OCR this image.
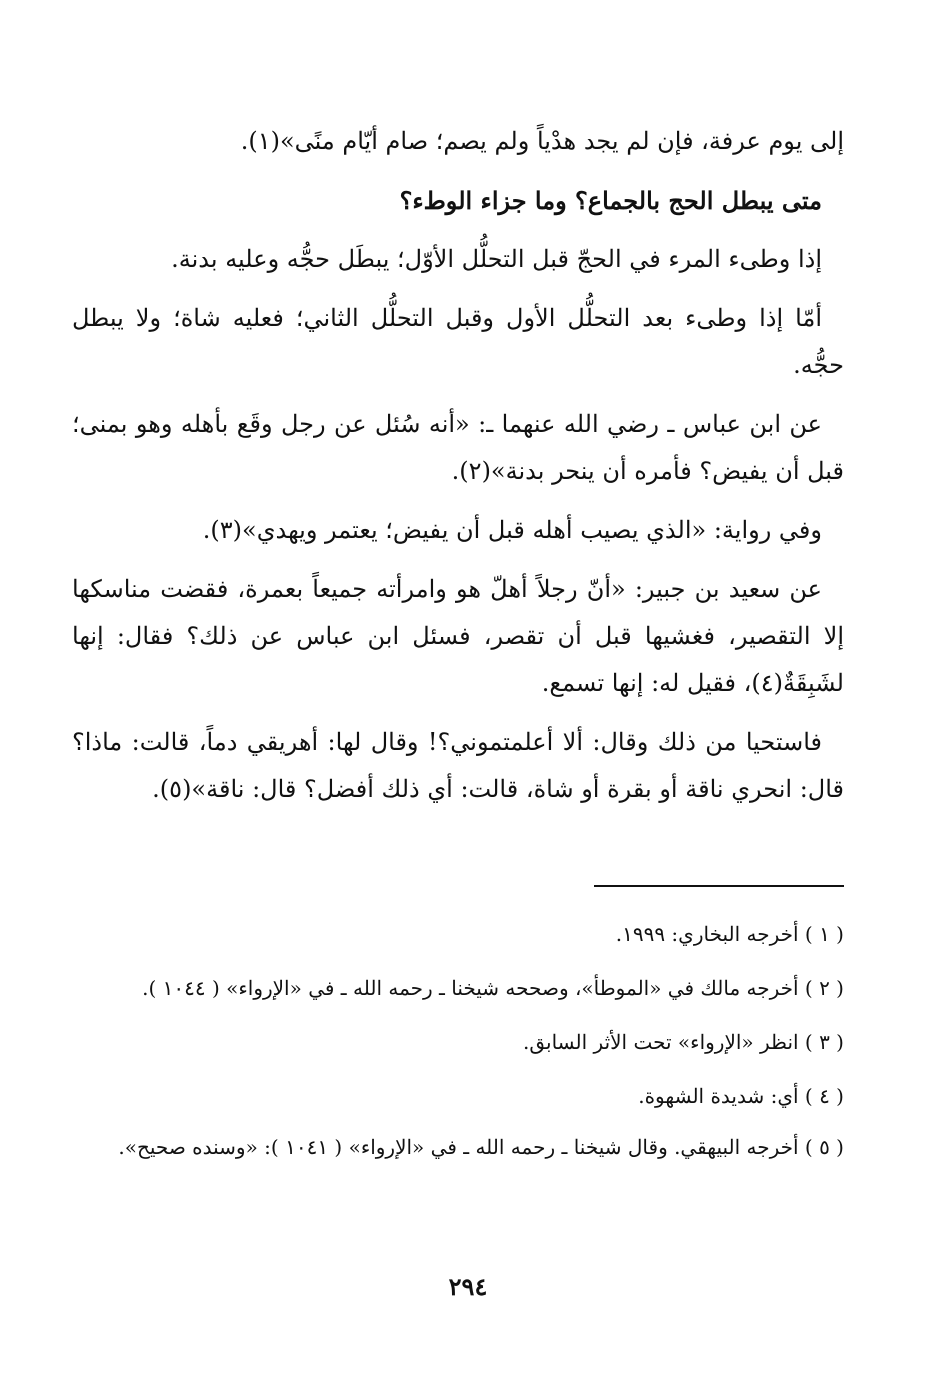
إلى يوم عرفة، فإن لم يجد هدْياً ولم يصم؛ صام أيّام منًى»(١).

متى يبطل الحج بالجماع؟ وما جزاء الوطء؟

إذا وطىء المرء في الحجّ قبل التحلُّل الأوّل؛ يبطَل حجُّه وعليه بدنة.

أمّا إذا وطىء بعد التحلُّل الأول وقبل التحلُّل الثاني؛ فعليه شاة؛ ولا يبطل حجُّه.

عن ابن عباس ـ رضي الله عنهما ـ: «أنه سُئل عن رجل وقَع بأهله وهو بمنى؛ قبل أن يفيض؟ فأمره أن ينحر بدنة»(٢).

وفي رواية: «الذي يصيب أهله قبل أن يفيض؛ يعتمر ويهدي»(٣).

عن سعيد بن جبير: «أنّ رجلاً أهلّ هو وامرأته جميعاً بعمرة، فقضت مناسكها إلا التقصير، فغشيها قبل أن تقصر، فسئل ابن عباس عن ذلك؟ فقال: إنها لشَبِقَةٌ(٤)، فقيل له: إنها تسمع.

فاستحيا من ذلك وقال: ألا أعلمتموني؟! وقال لها: أهريقي دماً، قالت: ماذا؟ قال: انحري ناقة أو بقرة أو شاة، قالت: أي ذلك أفضل؟ قال: ناقة»(٥).

( ١ ) أخرجه البخاري: ١٩٩٩.

( ٢ ) أخرجه مالك في «الموطأ»، وصححه شيخنا ـ رحمه الله ـ في «الإرواء» ( ١٠٤٤ ).

( ٣ ) انظر «الإرواء» تحت الأثر السابق.

( ٤ ) أي: شديدة الشهوة.

( ٥ ) أخرجه البيهقي. وقال شيخنا ـ رحمه الله ـ في «الإرواء» ( ١٠٤١ ): «وسنده صحيح».

٢٩٤
